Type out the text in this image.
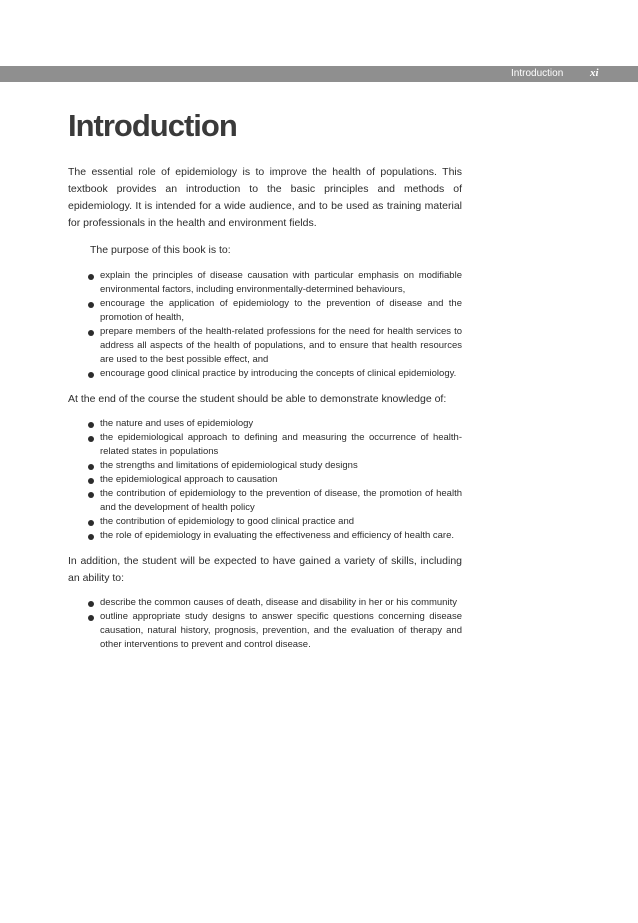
Introduction xi
Introduction

The essential role of epidemiology is to improve the health of populations. This textbook provides an introduction to the basic principles and methods of epidemiology. It is intended for a wide audience, and to be used as training material for professionals in the health and environment fields.

The purpose of this book is to:

explain the principles of disease causation with particular emphasis on modifiable environmental factors, including environmentally-determined behaviours,
encourage the application of epidemiology to the prevention of disease and the promotion of health,
prepare members of the health-related professions for the need for health services to address all aspects of the health of populations, and to ensure that health resources are used to the best possible effect, and
encourage good clinical practice by introducing the concepts of clinical epidemiology.

At the end of the course the student should be able to demonstrate knowledge of:

the nature and uses of epidemiology
the epidemiological approach to defining and measuring the occurrence of health-related states in populations
the strengths and limitations of epidemiological study designs
the epidemiological approach to causation
the contribution of epidemiology to the prevention of disease, the promotion of health and the development of health policy
the contribution of epidemiology to good clinical practice and
the role of epidemiology in evaluating the effectiveness and efficiency of health care.

In addition, the student will be expected to have gained a variety of skills, including an ability to:

describe the common causes of death, disease and disability in her or his community
outline appropriate study designs to answer specific questions concerning disease causation, natural history, prognosis, prevention, and the evaluation of therapy and other interventions to prevent and control disease.
